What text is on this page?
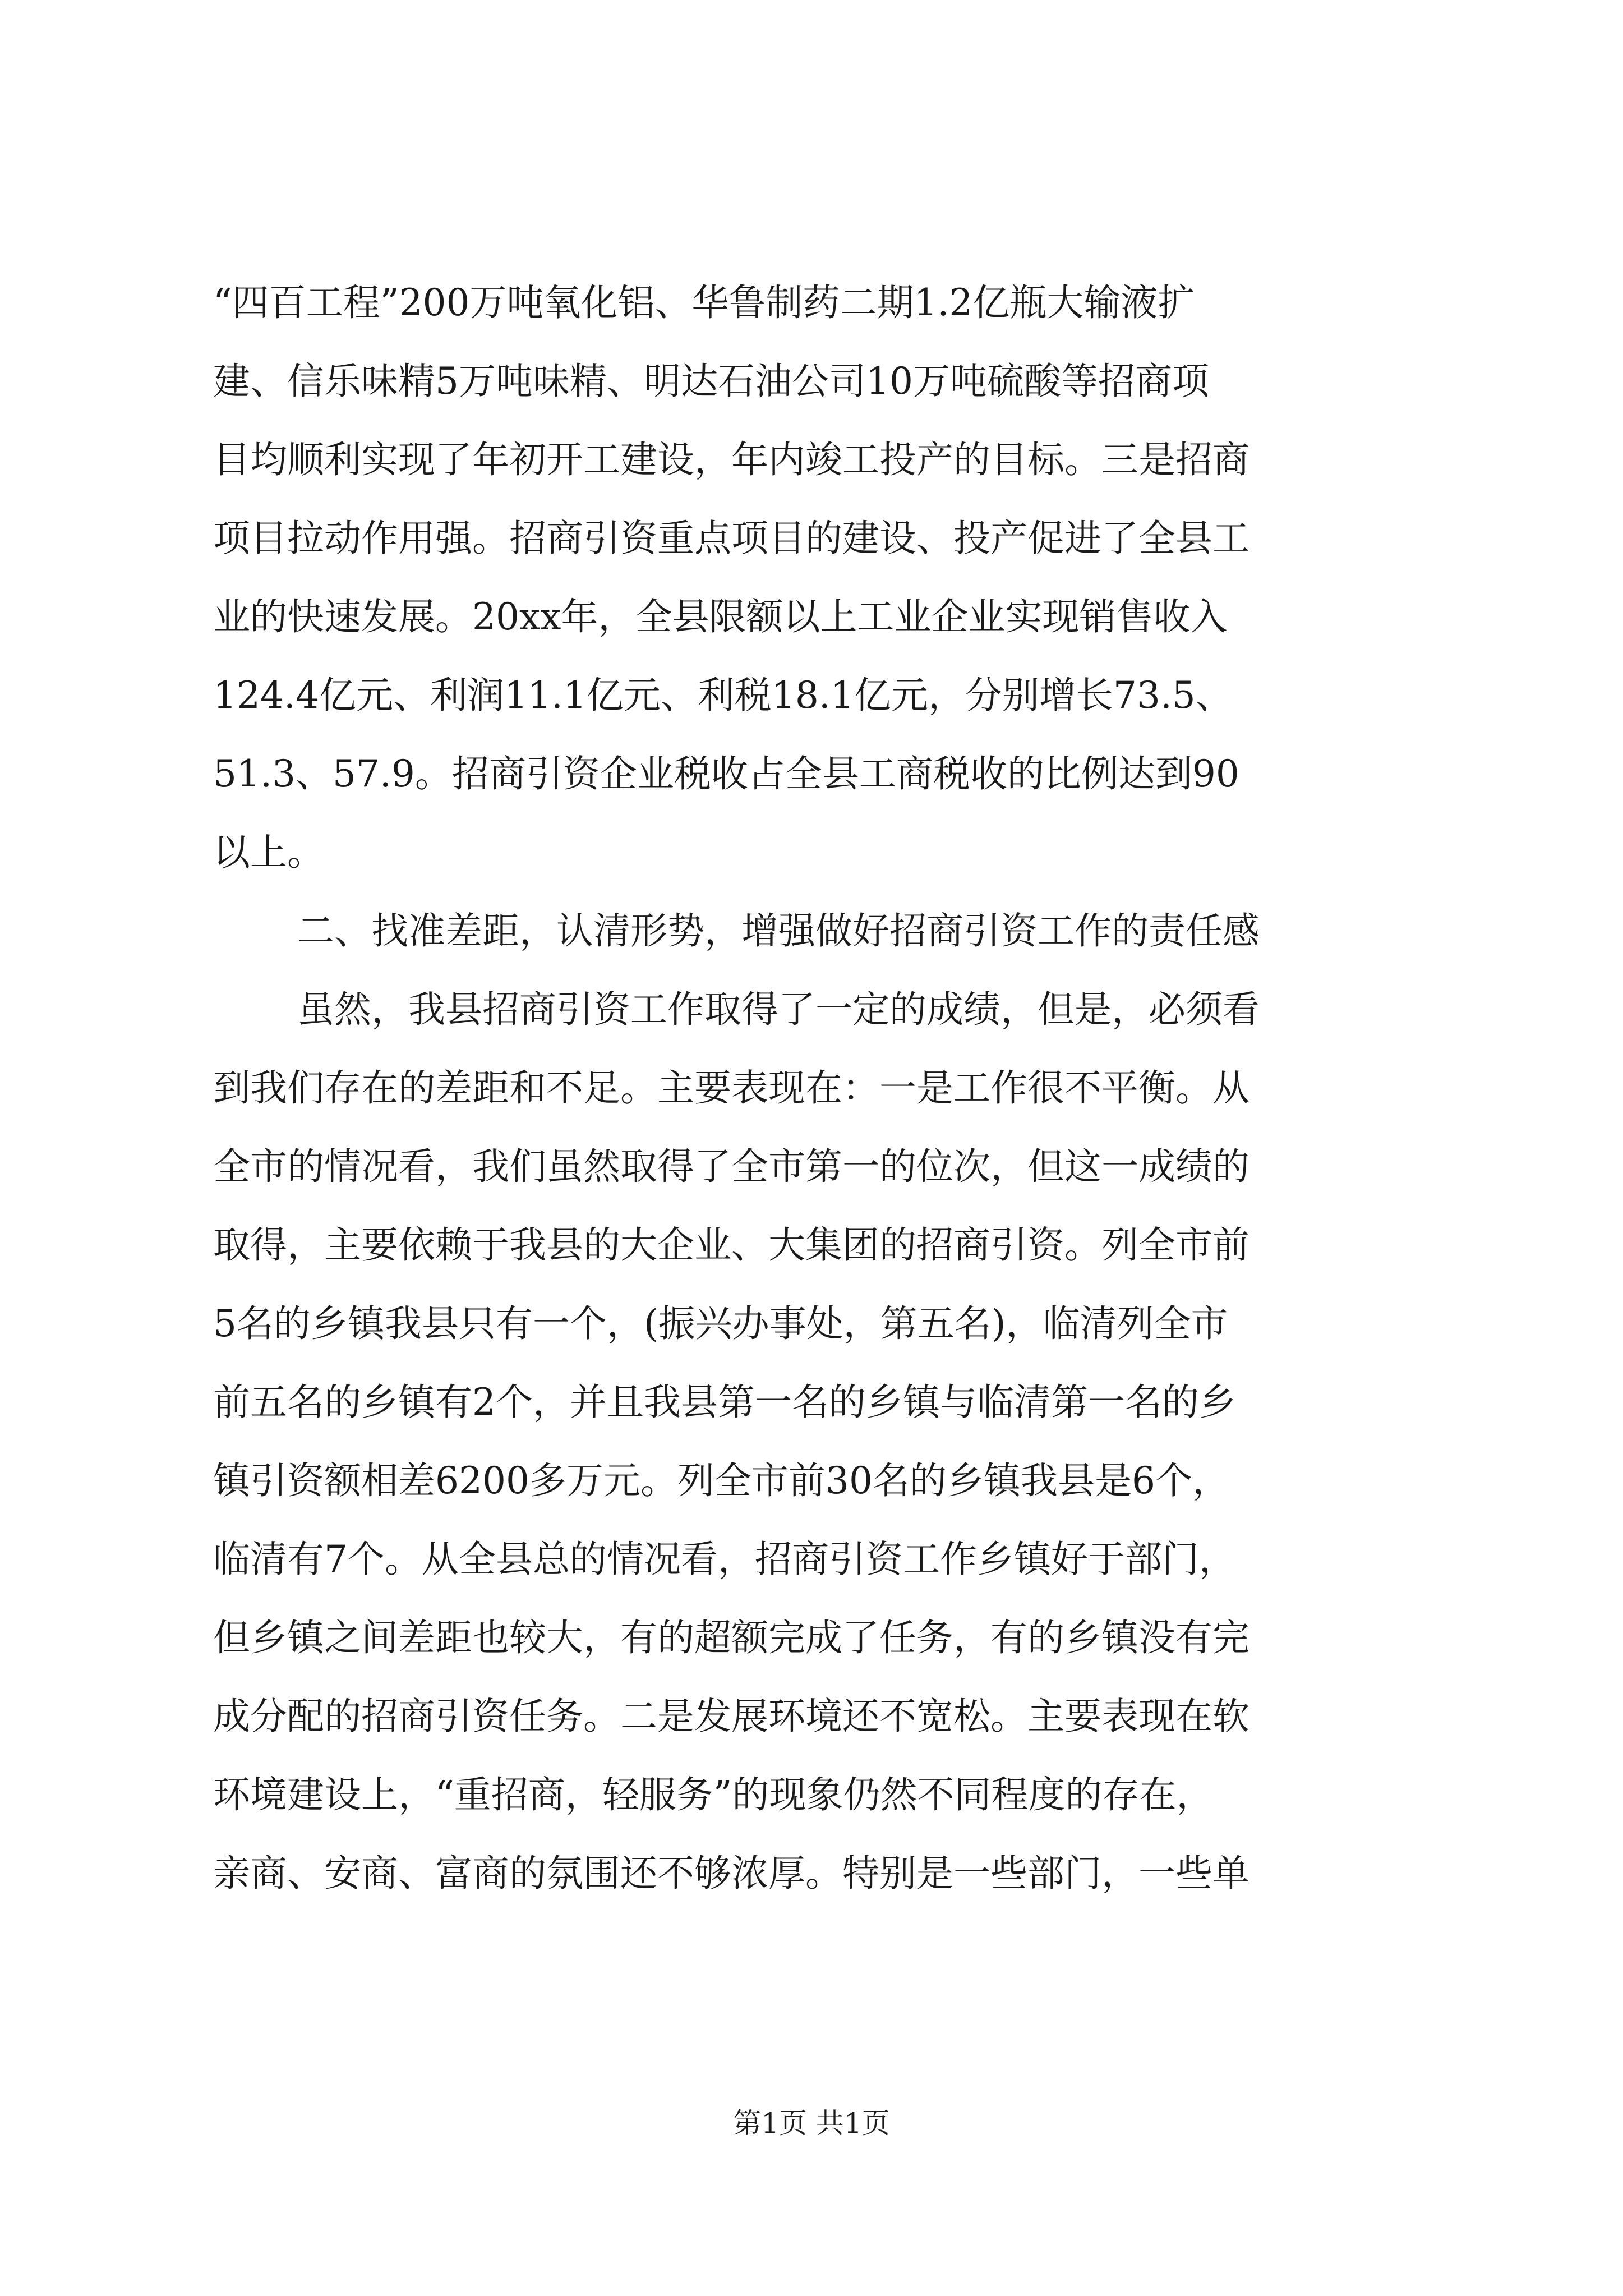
“四百工程”200万吨氧化铝、华鲁制药二期1.2亿瓶大输液扩
建、信乐味精5万吨味精、明达石油公司10万吨硫酸等招商项
目均顺利实现了年初开工建设，年内竣工投产的目标。三是招商
项目拉动作用强。招商引资重点项目的建设、投产促进了全县工
业的快速发展。20xx年，全县限额以上工业企业实现销售收入
124.4亿元、利润11.1亿元、利税18.1亿元，分别增长73.5、
51.3、57.9。招商引资企业税收占全县工商税收的比例达到90
以上。
二、找准差距，认清形势，增强做好招商引资工作的责任感
虽然，我县招商引资工作取得了一定的成绩，但是，必须看
到我们存在的差距和不足。主要表现在：一是工作很不平衡。从
全市的情况看，我们虽然取得了全市第一的位次，但这一成绩的
取得，主要依赖于我县的大企业、大集团的招商引资。列全市前
5名的乡镇我县只有一个，(振兴办事处，第五名)，临清列全市
前五名的乡镇有2个，并且我县第一名的乡镇与临清第一名的乡
镇引资额相差6200多万元。列全市前30名的乡镇我县是6个，
临清有7个。从全县总的情况看，招商引资工作乡镇好于部门，
但乡镇之间差距也较大，有的超额完成了任务，有的乡镇没有完
成分配的招商引资任务。二是发展环境还不宽松。主要表现在软
环境建设上，“重招商，轻服务”的现象仍然不同程度的存在，
亲商、安商、富商的氛围还不够浓厚。特别是一些部门，一些单
第1页 共1页
